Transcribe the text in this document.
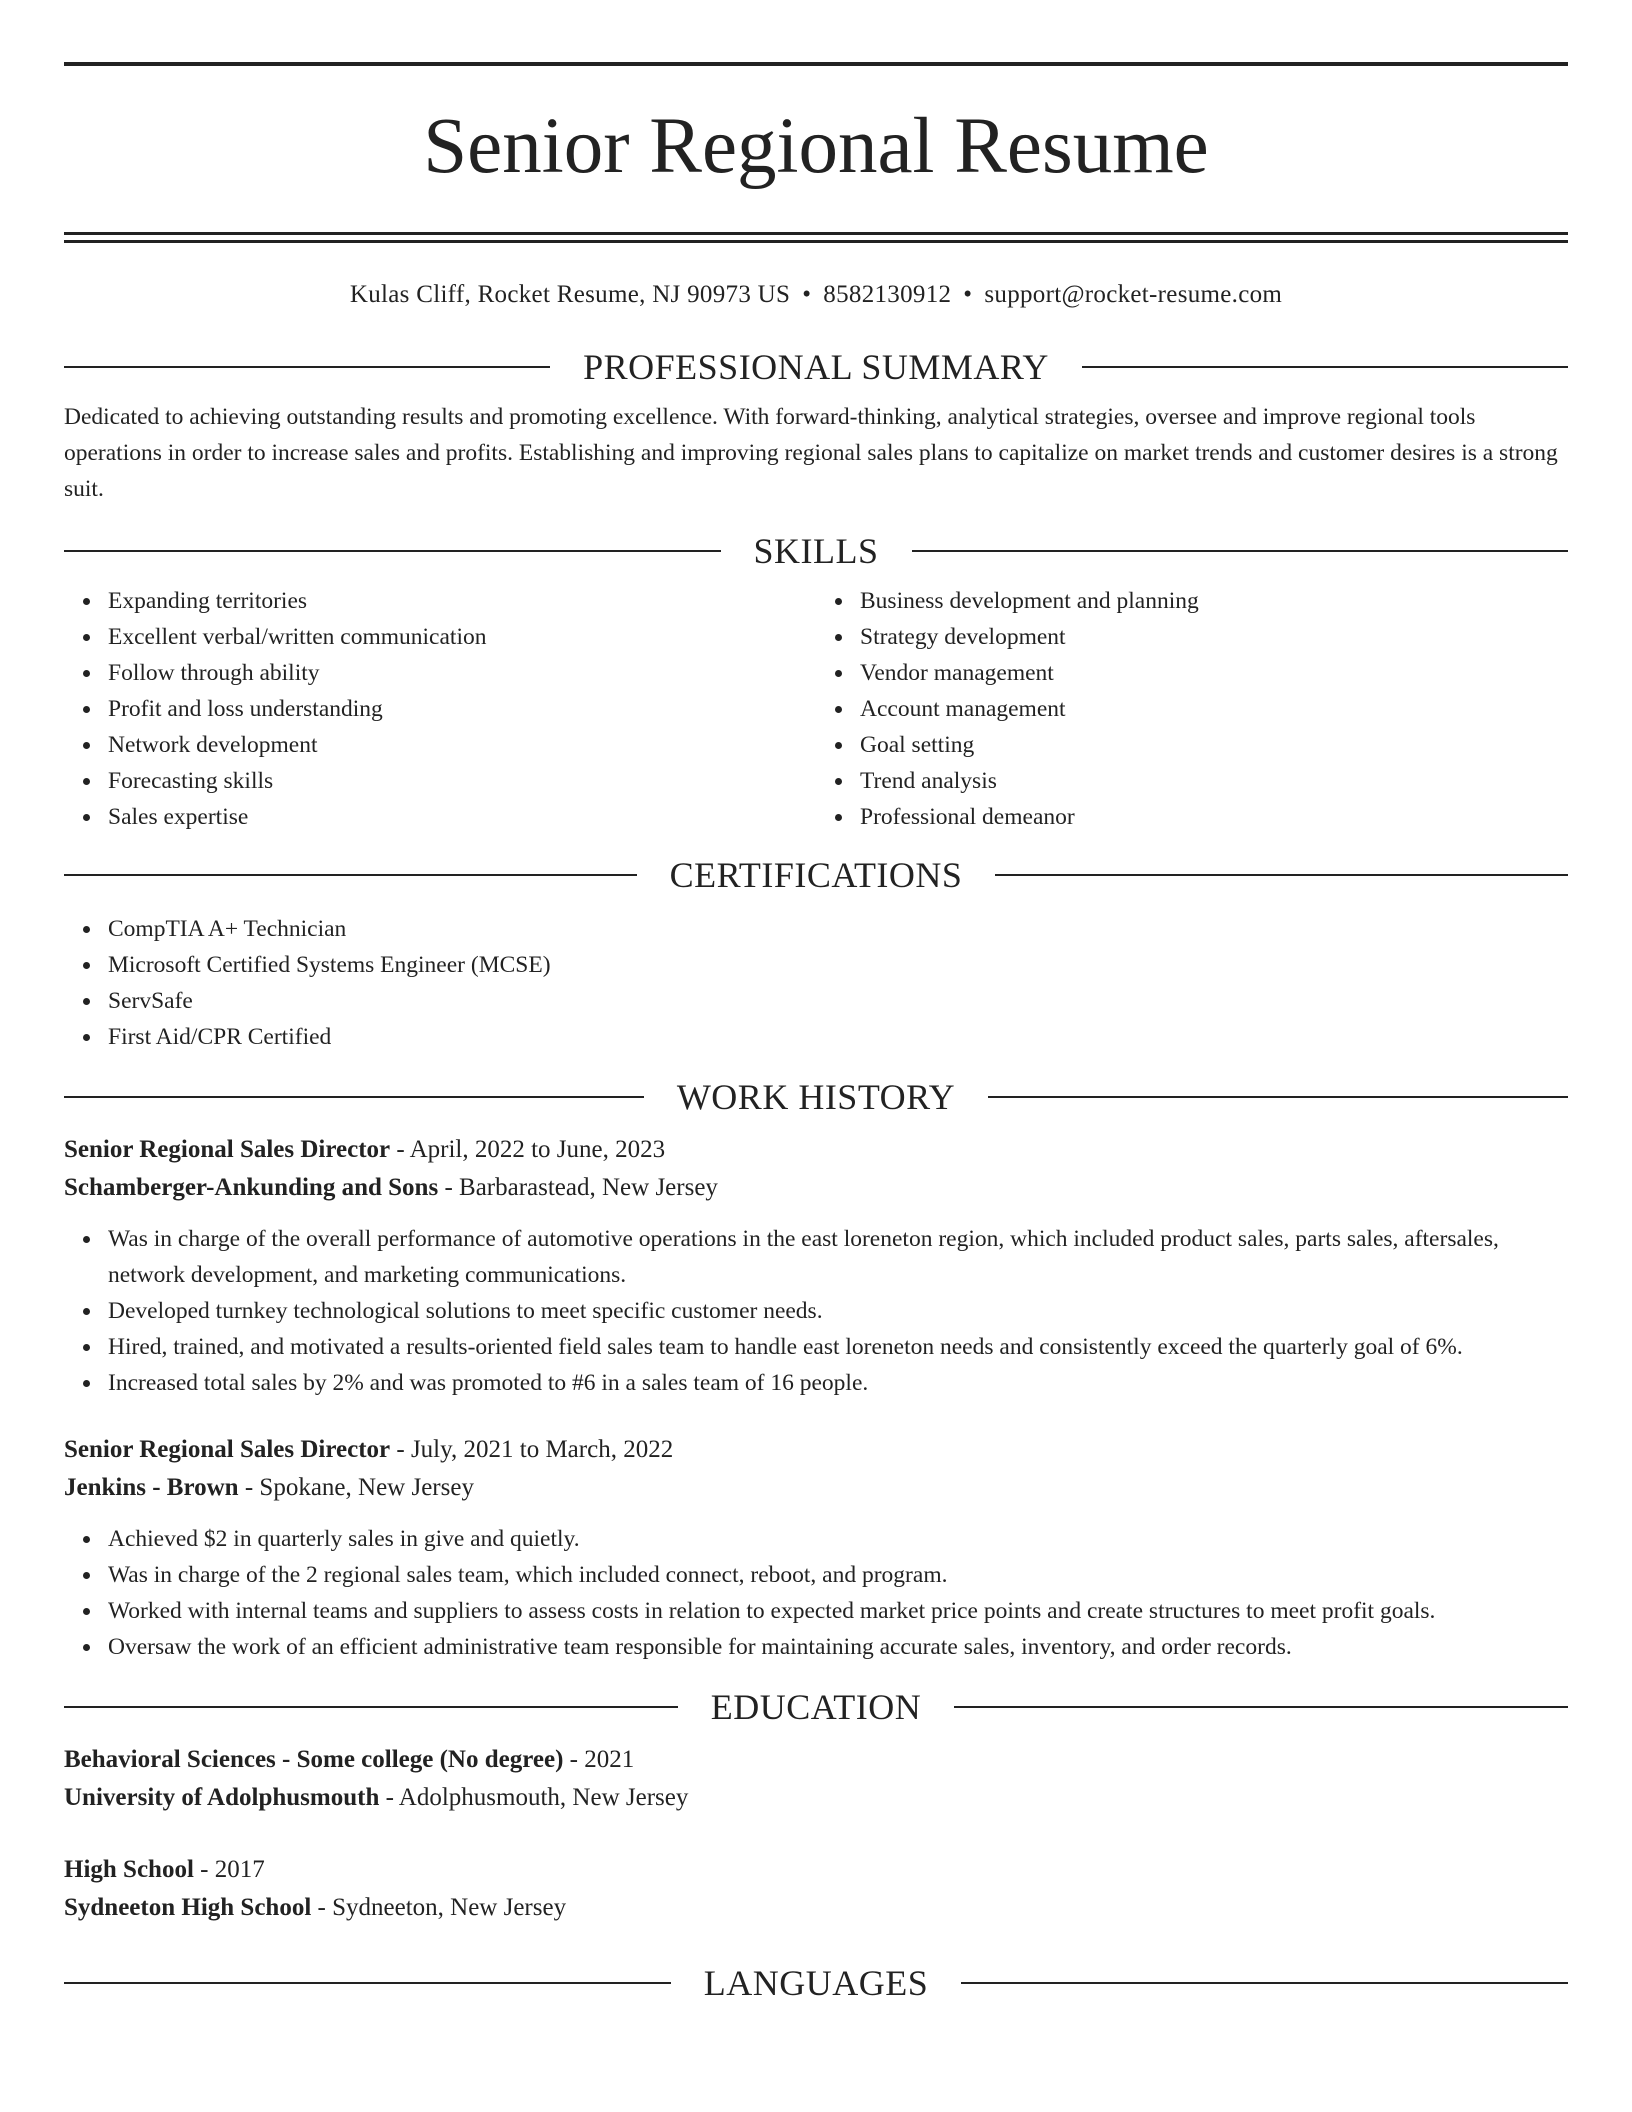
Senior Regional Resume
Kulas Cliff, Rocket Resume, NJ 90973 US • 8582130912 • support@rocket-resume.com
PROFESSIONAL SUMMARY

Dedicated to achieving outstanding results and promoting excellence. With forward-thinking, analytical strategies, oversee and improve regional tools operations in order to increase sales and profits. Establishing and improving regional sales plans to capitalize on market trends and customer desires is a strong suit.

SKILLS
Expanding territories
Excellent verbal/written communication
Follow through ability
Profit and loss understanding
Network development
Forecasting skills
Sales expertise
Business development and planning
Strategy development
Vendor management
Account management
Goal setting
Trend analysis
Professional demeanor
CERTIFICATIONS
CompTIA A+ Technician
Microsoft Certified Systems Engineer (MCSE)
ServSafe
First Aid/CPR Certified
WORK HISTORY
Senior Regional Sales Director - April, 2022 to June, 2023
Schamberger-Ankunding and Sons - Barbarastead, New Jersey
Was in charge of the overall performance of automotive operations in the east loreneton region, which included product sales, parts sales, aftersales, network development, and marketing communications.
Developed turnkey technological solutions to meet specific customer needs.
Hired, trained, and motivated a results-oriented field sales team to handle east loreneton needs and consistently exceed the quarterly goal of 6%.
Increased total sales by 2% and was promoted to #6 in a sales team of 16 people.
Senior Regional Sales Director - July, 2021 to March, 2022
Jenkins - Brown - Spokane, New Jersey
Achieved $2 in quarterly sales in give and quietly.
Was in charge of the 2 regional sales team, which included connect, reboot, and program.
Worked with internal teams and suppliers to assess costs in relation to expected market price points and create structures to meet profit goals.
Oversaw the work of an efficient administrative team responsible for maintaining accurate sales, inventory, and order records.
EDUCATION
Behavioral Sciences - Some college (No degree) - 2021
University of Adolphusmouth - Adolphusmouth, New Jersey
High School - 2017
Sydneeton High School - Sydneeton, New Jersey
LANGUAGES
